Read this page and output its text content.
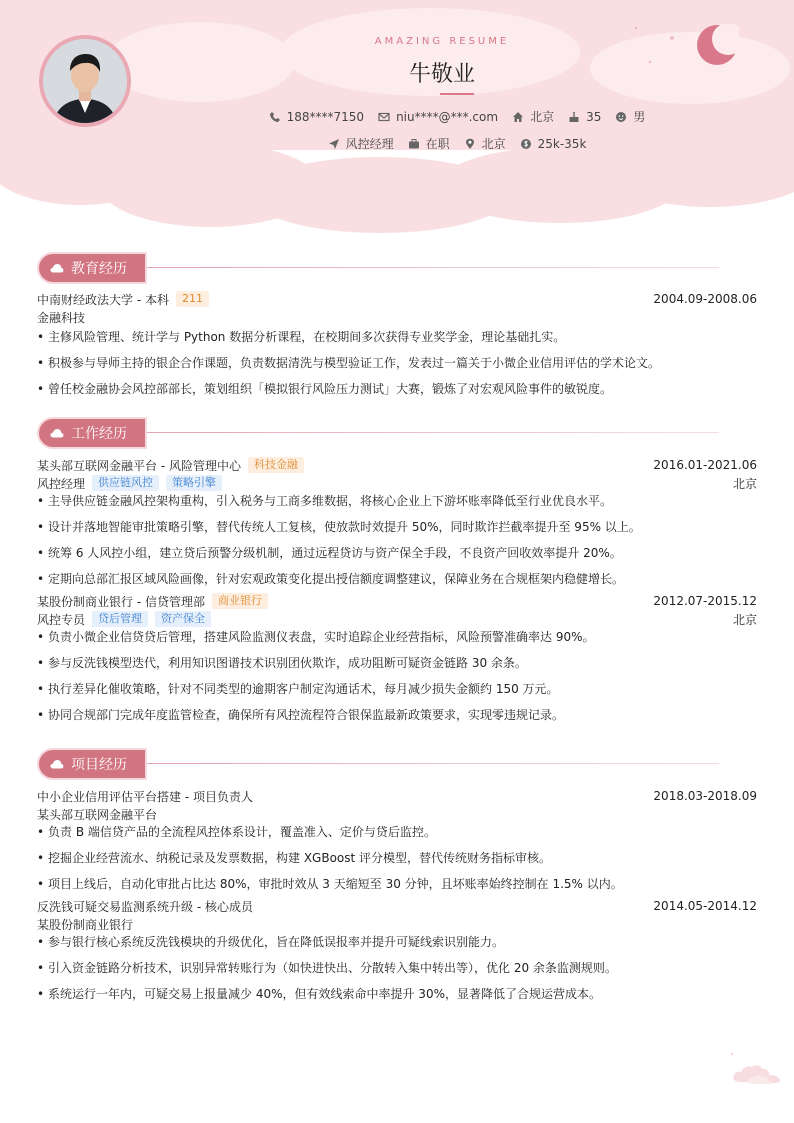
AMAZING RESUME
牛敬业
188****7150	niu****@***.com	北京	35	男
风控经理	在职	北京	25k-35k
教育经历
中南财经政法大学 - 本科	211	2004.09-2008.06
金融科技
• 主修风险管理、统计学与 Python 数据分析课程，在校期间多次获得专业奖学金，理论基础扎实。
• 积极参与导师主持的银企合作课题，负责数据清洗与模型验证工作，发表过一篇关于小微企业信用评估的学术论文。
• 曾任校金融协会风控部部长，策划组织「模拟银行风险压力测试」大赛，锻炼了对宏观风险事件的敏锐度。
工作经历
某头部互联网金融平台 - 风险管理中心	科技金融	2016.01-2021.06
风控经理	供应链风控	策略引擎	北京
• 主导供应链金融风控架构重构，引入税务与工商多维数据，将核心企业上下游坏账率降低至行业优良水平。
• 设计并落地智能审批策略引擎，替代传统人工复核，使放款时效提升 50%，同时欺诈拦截率提升至 95% 以上。
• 统筹 6 人风控小组，建立贷后预警分级机制，通过远程贷访与资产保全手段，不良资产回收效率提升 20%。
• 定期向总部汇报区域风险画像，针对宏观政策变化提出授信额度调整建议，保障业务在合规框架内稳健增长。
某股份制商业银行 - 信贷管理部	商业银行	2012.07-2015.12
风控专员	贷后管理	资产保全	北京
• 负责小微企业信贷贷后管理，搭建风险监测仪表盘，实时追踪企业经营指标，风险预警准确率达 90%。
• 参与反洗钱模型迭代，利用知识图谱技术识别团伙欺诈，成功阻断可疑资金链路 30 余条。
• 执行差异化催收策略，针对不同类型的逾期客户制定沟通话术，每月减少损失金额约 150 万元。
• 协同合规部门完成年度监管检查，确保所有风控流程符合银保监最新政策要求，实现零违规记录。
项目经历
中小企业信用评估平台搭建 - 项目负责人	2018.03-2018.09
某头部互联网金融平台
• 负责 B 端信贷产品的全流程风控体系设计，覆盖准入、定价与贷后监控。
• 挖掘企业经营流水、纳税记录及发票数据，构建 XGBoost 评分模型，替代传统财务指标审核。
• 项目上线后，自动化审批占比达 80%，审批时效从 3 天缩短至 30 分钟，且坏账率始终控制在 1.5% 以内。
反洗钱可疑交易监测系统升级 - 核心成员	2014.05-2014.12
某股份制商业银行
• 参与银行核心系统反洗钱模块的升级优化，旨在降低误报率并提升可疑线索识别能力。
• 引入资金链路分析技术，识别异常转账行为（如快进快出、分散转入集中转出等），优化 20 余条监测规则。
• 系统运行一年内，可疑交易上报量减少 40%，但有效线索命中率提升 30%，显著降低了合规运营成本。
